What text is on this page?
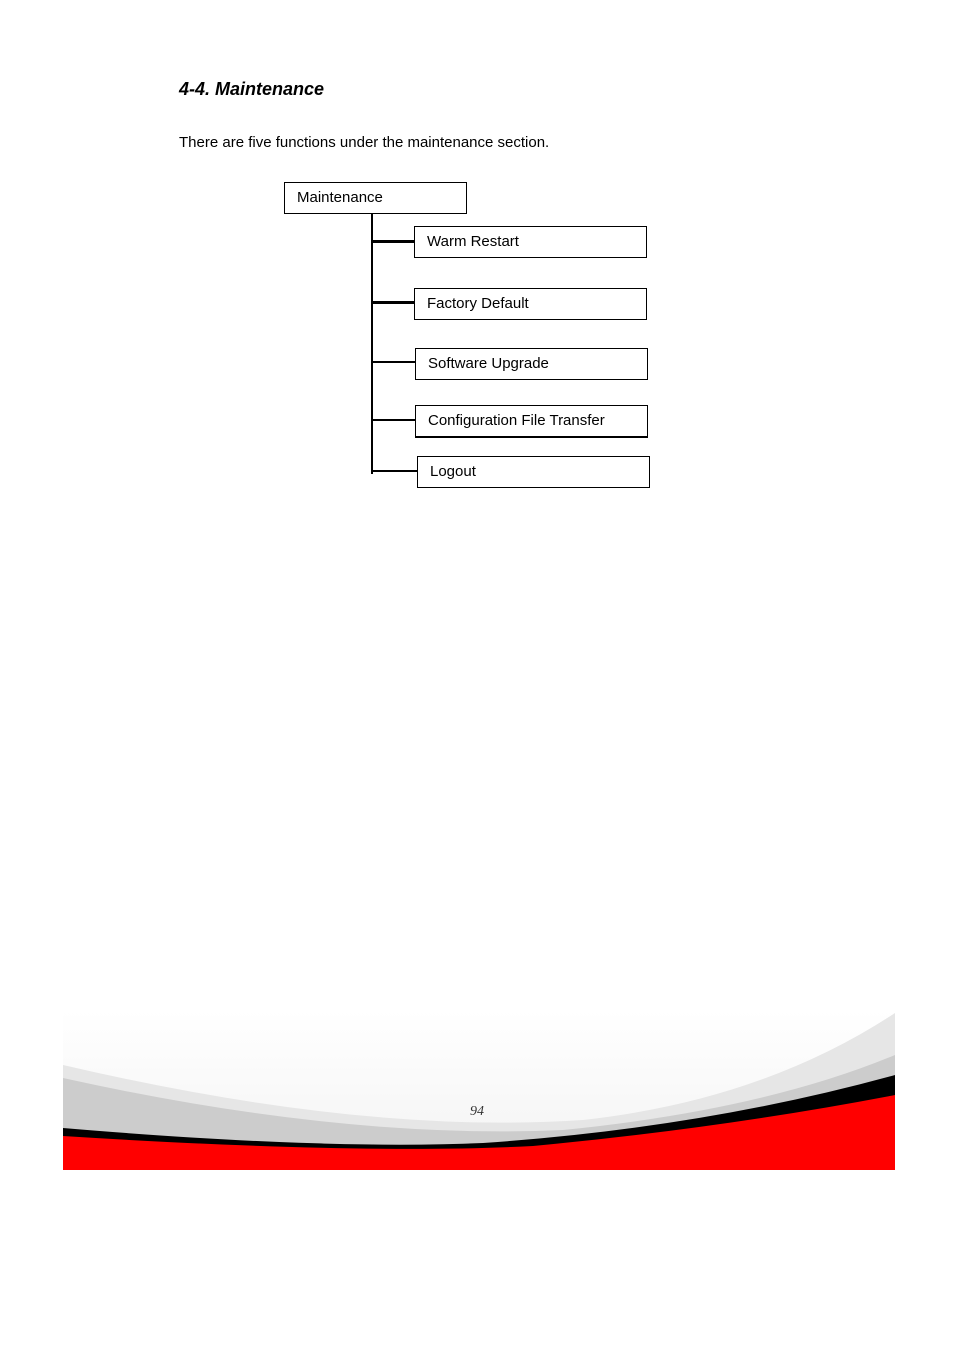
4-4. Maintenance
There are five functions under the maintenance section.
Maintenance
Warm Restart
Factory Default
Software Upgrade
Configuration File Transfer
Logout
94
